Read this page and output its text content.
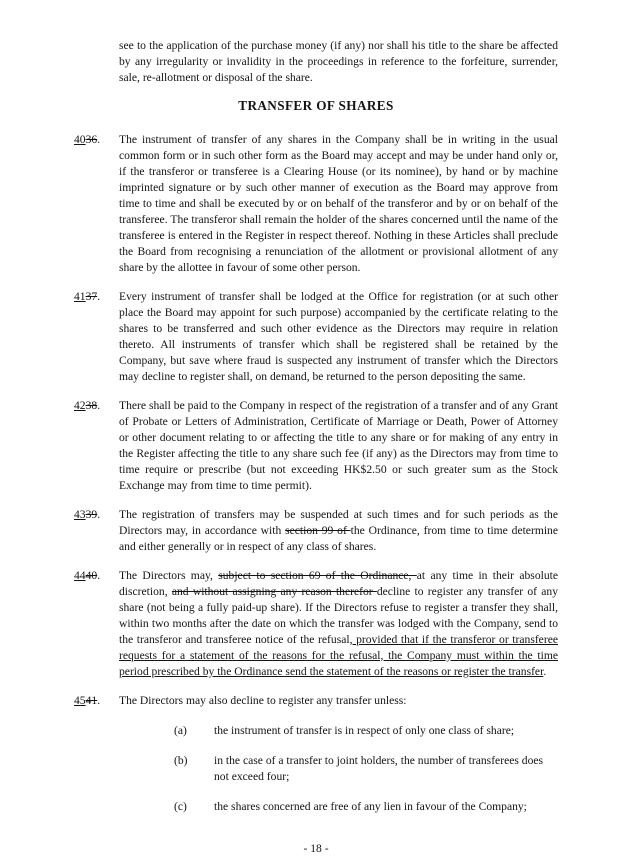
see to the application of the purchase money (if any) nor shall his title to the share be affected by any irregularity or invalidity in the proceedings in reference to the forfeiture, surrender, sale, re-allotment or disposal of the share.

TRANSFER OF SHARES
4036.	The instrument of transfer of any shares in the Company shall be in writing in the usual common form or in such other form as the Board may accept and may be under hand only or, if the transferor or transferee is a Clearing House (or its nominee), by hand or by machine imprinted signature or by such other manner of execution as the Board may approve from time to time and shall be executed by or on behalf of the transferor and by or on behalf of the transferee. The transferor shall remain the holder of the shares concerned until the name of the transferee is entered in the Register in respect thereof. Nothing in these Articles shall preclude the Board from recognising a renunciation of the allotment or provisional allotment of any share by the allottee in favour of some other person.
4137.	Every instrument of transfer shall be lodged at the Office for registration (or at such other place the Board may appoint for such purpose) accompanied by the certificate relating to the shares to be transferred and such other evidence as the Directors may require in relation thereto. All instruments of transfer which shall be registered shall be retained by the Company, but save where fraud is suspected any instrument of transfer which the Directors may decline to register shall, on demand, be returned to the person depositing the same.
4238.	There shall be paid to the Company in respect of the registration of a transfer and of any Grant of Probate or Letters of Administration, Certificate of Marriage or Death, Power of Attorney or other document relating to or affecting the title to any share or for making of any entry in the Register affecting the title to any share such fee (if any) as the Directors may from time to time require or prescribe (but not exceeding HK$2.50 or such greater sum as the Stock Exchange may from time to time permit).
4339.	The registration of transfers may be suspended at such times and for such periods as the Directors may, in accordance with section 99 of the Ordinance, from time to time determine and either generally or in respect of any class of shares.
4440.	The Directors may, subject to section 69 of the Ordinance, at any time in their absolute discretion, and without assigning any reason therefor decline to register any transfer of any share (not being a fully paid-up share). If the Directors refuse to register a transfer they shall, within two months after the date on which the transfer was lodged with the Company, send to the transferor and transferee notice of the refusal, provided that if the transferor or transferee requests for a statement of the reasons for the refusal, the Company must within the time period prescribed by the Ordinance send the statement of the reasons or register the transfer.
4541.	The Directors may also decline to register any transfer unless:
(a)	the instrument of transfer is in respect of only one class of share;
(b)	in the case of a transfer to joint holders, the number of transferees does not exceed four;
(c)	the shares concerned are free of any lien in favour of the Company;
- 18 -
